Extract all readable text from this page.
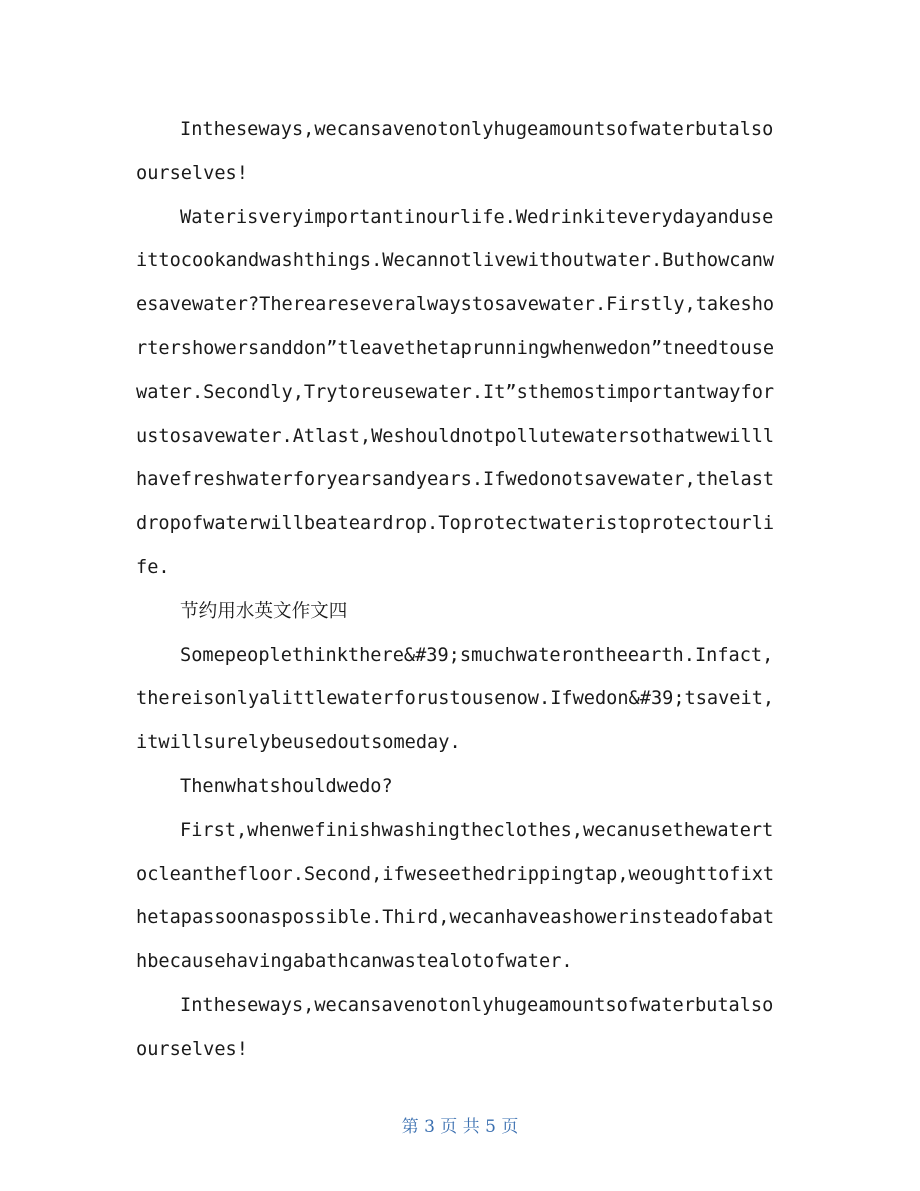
Intheseways,wecansavenotonlyhugeamountsofwaterbutalsoourselves!

Waterisveryimportantinourlife.Wedrinkiteverydayanduseittocookandwashthings.Wecannotlivewithoutwater.Buthowcanwesavewater?Thereareseveralwaystosavewater.Firstly,takeshortershowersanddon”tleavethetaprunningwhenwedon”tneedtousewater.Secondly,Trytoreusewater.It”sthemostimportantwayforustosavewater.Atlast,Weshouldnotpollutewatersothatwewilllhavefreshwaterforyearsandyears.Ifwedonotsavewater,thelastdropofwaterwillbeateardrop.Toprotectwateristoprotectourlife.

节约用水英文作文四

Somepeoplethinkthere&#39;smuchwaterontheearth.Infact,thereisonlyalittlewaterforustousenow.Ifwedon&#39;tsaveit,itwillsurelybeusedoutsomeday.

Thenwhatshouldwedo?

First,whenwefinishwashingtheclothes,wecanusethewatertocleanthefloor.Second,ifweseethedrippingtap,weoughttofixthetapassoonaspossible.Third,wecanhaveashowerinsteadofabathbecausehavingabathcanwastealotofwater.

Intheseways,wecansavenotonlyhugeamountsofwaterbutalsoourselves!

第 3 页 共 5 页
